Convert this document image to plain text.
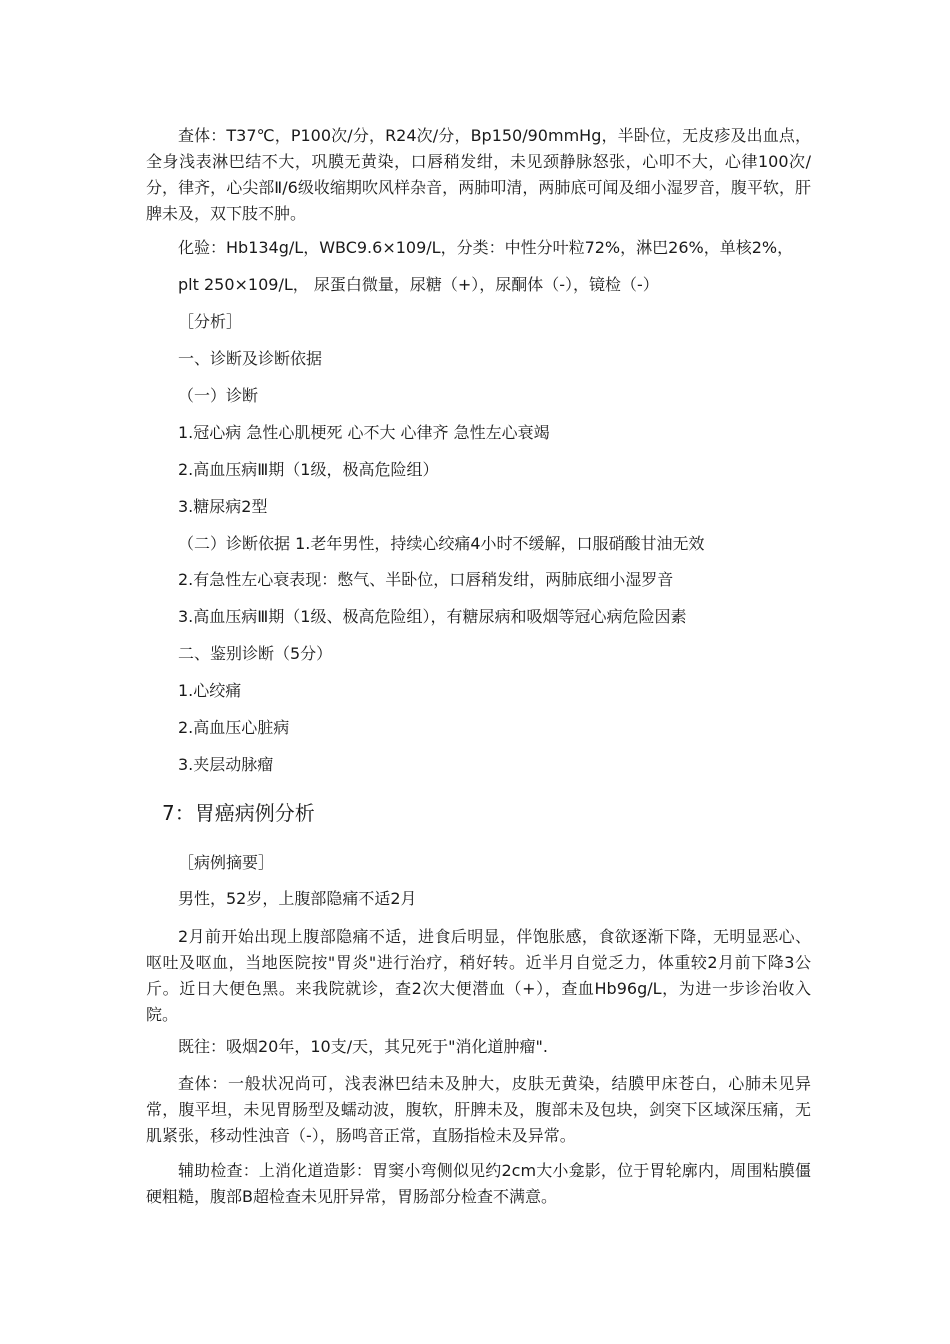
查体：T37℃，P100次/分，R24次/分，Bp150/90mmHg，半卧位，无皮疹及出血点，全身浅表淋巴结不大，巩膜无黄染，口唇稍发绀，未见颈静脉怒张，心叩不大，心律100次/分，律齐，心尖部Ⅱ/6级收缩期吹风样杂音，两肺叩清，两肺底可闻及细小湿罗音，腹平软，肝脾未及，双下肢不肿。

化验：Hb134g/L，WBC9.6×109/L，分类：中性分叶粒72%，淋巴26%，单核2%，

plt 250×109/L， 尿蛋白微量，尿糖（+），尿酮体（-），镜检（-）

［分析］

一、诊断及诊断依据

（一）诊断

1.冠心病 急性心肌梗死 心不大 心律齐 急性左心衰竭

2.高血压病Ⅲ期（1级，极高危险组）

3.糖尿病2型

（二）诊断依据 1.老年男性，持续心绞痛4小时不缓解，口服硝酸甘油无效

2.有急性左心衰表现：憋气、半卧位，口唇稍发绀，两肺底细小湿罗音

3.高血压病Ⅲ期（1级、极高危险组），有糖尿病和吸烟等冠心病危险因素

二、鉴别诊断（5分）

1.心绞痛

2.高血压心脏病

3.夹层动脉瘤

7：胃癌病例分析

［病例摘要］

男性，52岁，上腹部隐痛不适2月

2月前开始出现上腹部隐痛不适，进食后明显，伴饱胀感，食欲逐渐下降，无明显恶心、呕吐及呕血，当地医院按"胃炎"进行治疗，稍好转。近半月自觉乏力，体重较2月前下降3公斤。近日大便色黑。来我院就诊，查2次大便潜血（+），查血Hb96g/L，为进一步诊治收入院。

既往：吸烟20年，10支/天，其兄死于"消化道肿瘤".

查体：一般状况尚可，浅表淋巴结未及肿大，皮肤无黄染，结膜甲床苍白，心肺未见异常，腹平坦，未见胃肠型及蠕动波，腹软，肝脾未及，腹部未及包块，剑突下区域深压痛，无肌紧张，移动性浊音（-），肠鸣音正常，直肠指检未及异常。

辅助检查：上消化道造影：胃窦小弯侧似见约2cm大小龛影，位于胃轮廓内，周围粘膜僵硬粗糙，腹部B超检查未见肝异常，胃肠部分检查不满意。
